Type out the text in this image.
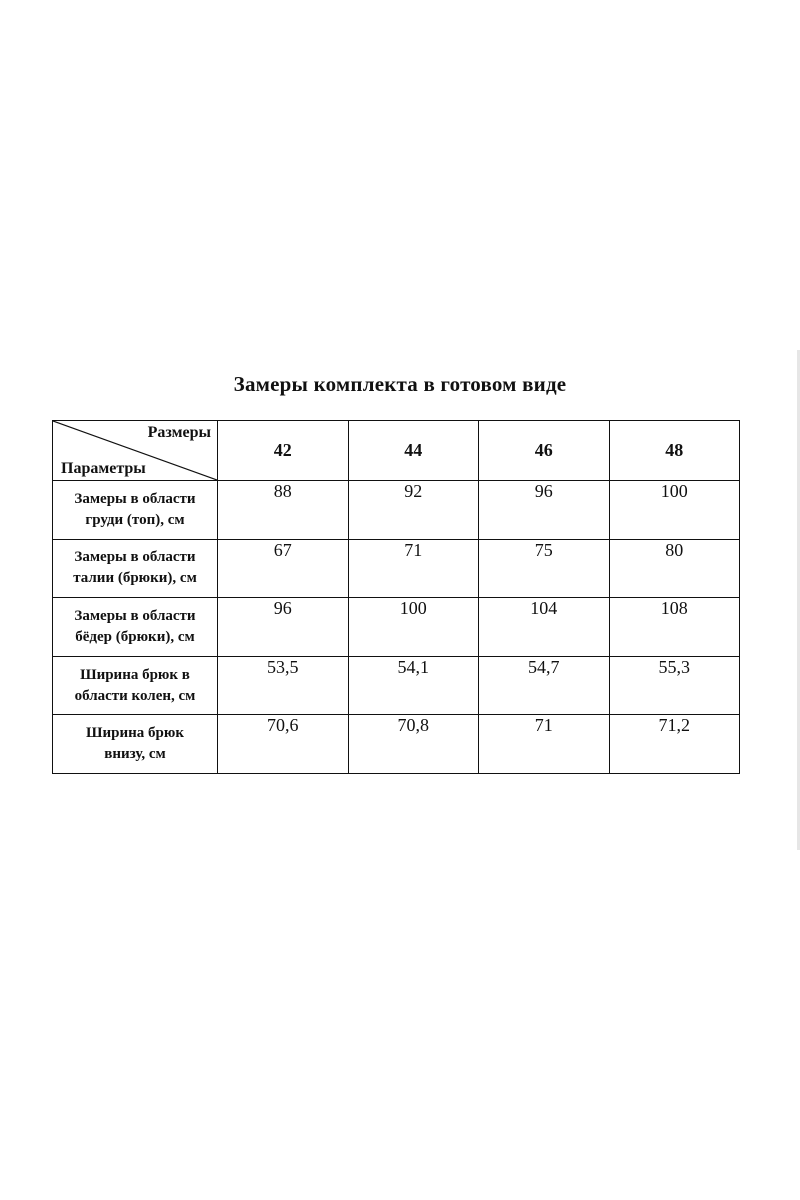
Замеры комплекта в готовом виде
Размеры
Параметры	42	44	46	48
Замеры в области
груди (топ), см	88	92	96	100
Замеры в области
талии (брюки), см	67	71	75	80
Замеры в области
бёдер (брюки), см	96	100	104	108
Ширина брюк в
области колен, см	53,5	54,1	54,7	55,3
Ширина брюк
внизу, см	70,6	70,8	71	71,2
